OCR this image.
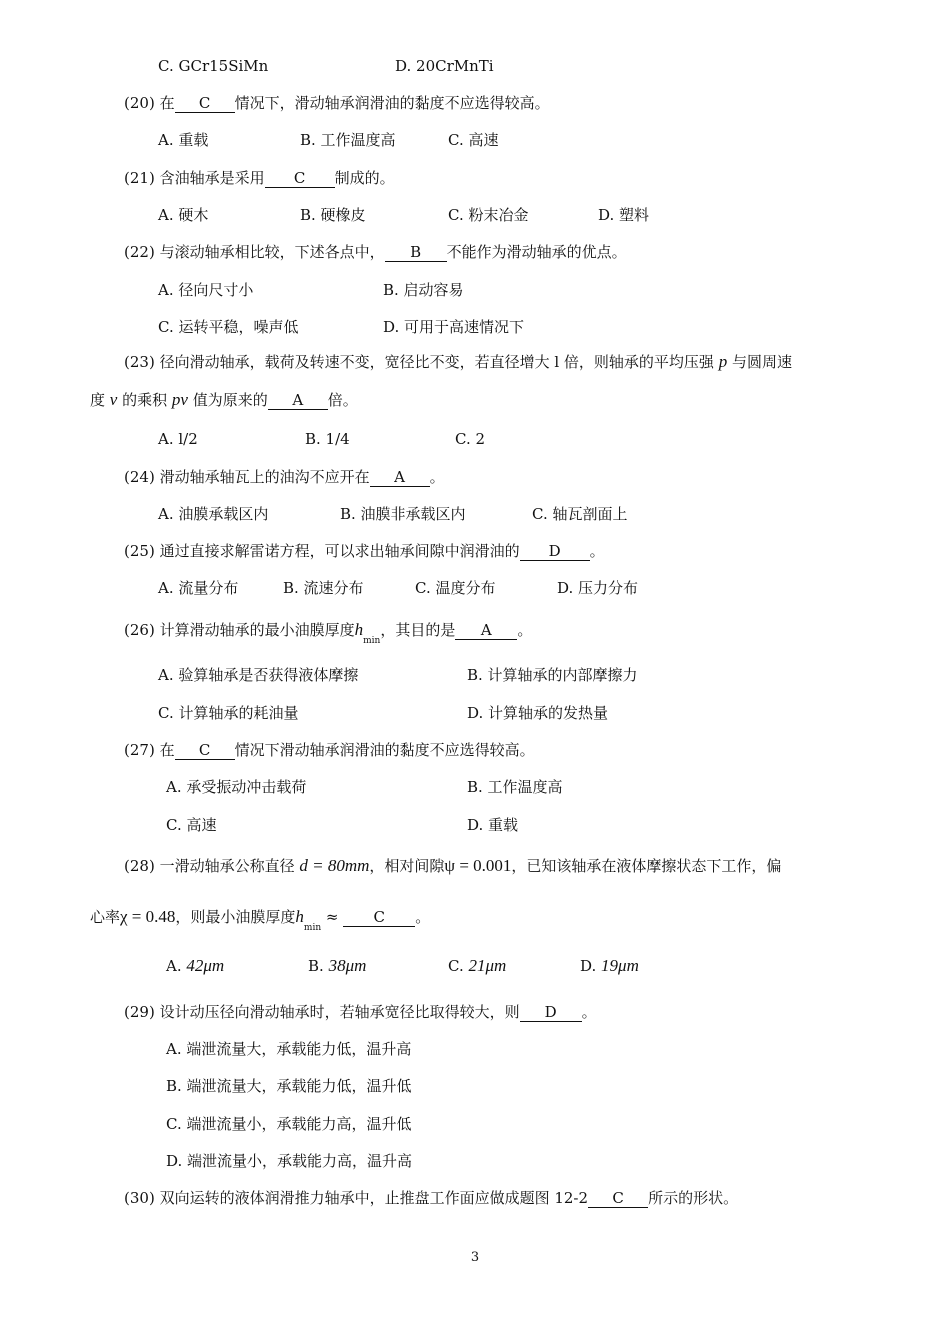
C. GCr15SiMn	D. 20CrMnTi
(20) 在 C 情况下，滑动轴承润滑油的黏度不应选得较高。
A. 重载	B. 工作温度高	C. 高速
(21) 含油轴承是采用 C 制成的。
A. 硬木	B. 硬橡皮	C. 粉末冶金	D. 塑料
(22) 与滚动轴承相比较，下述各点中， B 不能作为滑动轴承的优点。
A. 径向尺寸小	B. 启动容易
C. 运转平稳，噪声低	D. 可用于高速情况下
(23) 径向滑动轴承，载荷及转速不变，宽径比不变，若直径增大 l 倍，则轴承的平均压强 p 与圆周速
度 v 的乘积 pv 值为原来的 A 倍。
A. l/2	B. 1/4	C. 2
(24) 滑动轴承轴瓦上的油沟不应开在 A 。
A. 油膜承载区内	B. 油膜非承载区内	C. 轴瓦剖面上
(25) 通过直接求解雷诺方程，可以求出轴承间隙中润滑油的 D 。
A. 流量分布	B. 流速分布	C. 温度分布	D. 压力分布
(26) 计算滑动轴承的最小油膜厚度$h_{min}$，其目的是 A 。
A. 验算轴承是否获得液体摩擦	B. 计算轴承的内部摩擦力
C. 计算轴承的耗油量	D. 计算轴承的发热量
(27) 在 C 情况下滑动轴承润滑油的黏度不应选得较高。
A. 承受振动冲击载荷	B. 工作温度高
C. 高速	D. 重载
(28) 一滑动轴承公称直径 d = 80mm，相对间隙ψ = 0.001，已知该轴承在液体摩擦状态下工作，偏
心率χ = 0.48，则最小油膜厚度$h_{min} \approx C$ 。
A. 42μm	B. 38μm	C. 21μm	D. 19μm
(29) 设计动压径向滑动轴承时，若轴承宽径比取得较大，则 D 。
A. 端泄流量大，承载能力低，温升高
B. 端泄流量大，承载能力低，温升低
C. 端泄流量小，承载能力高，温升低
D. 端泄流量小，承载能力高，温升高
(30) 双向运转的液体润滑推力轴承中，止推盘工作面应做成题图 12-2 C 所示的形状。
3
